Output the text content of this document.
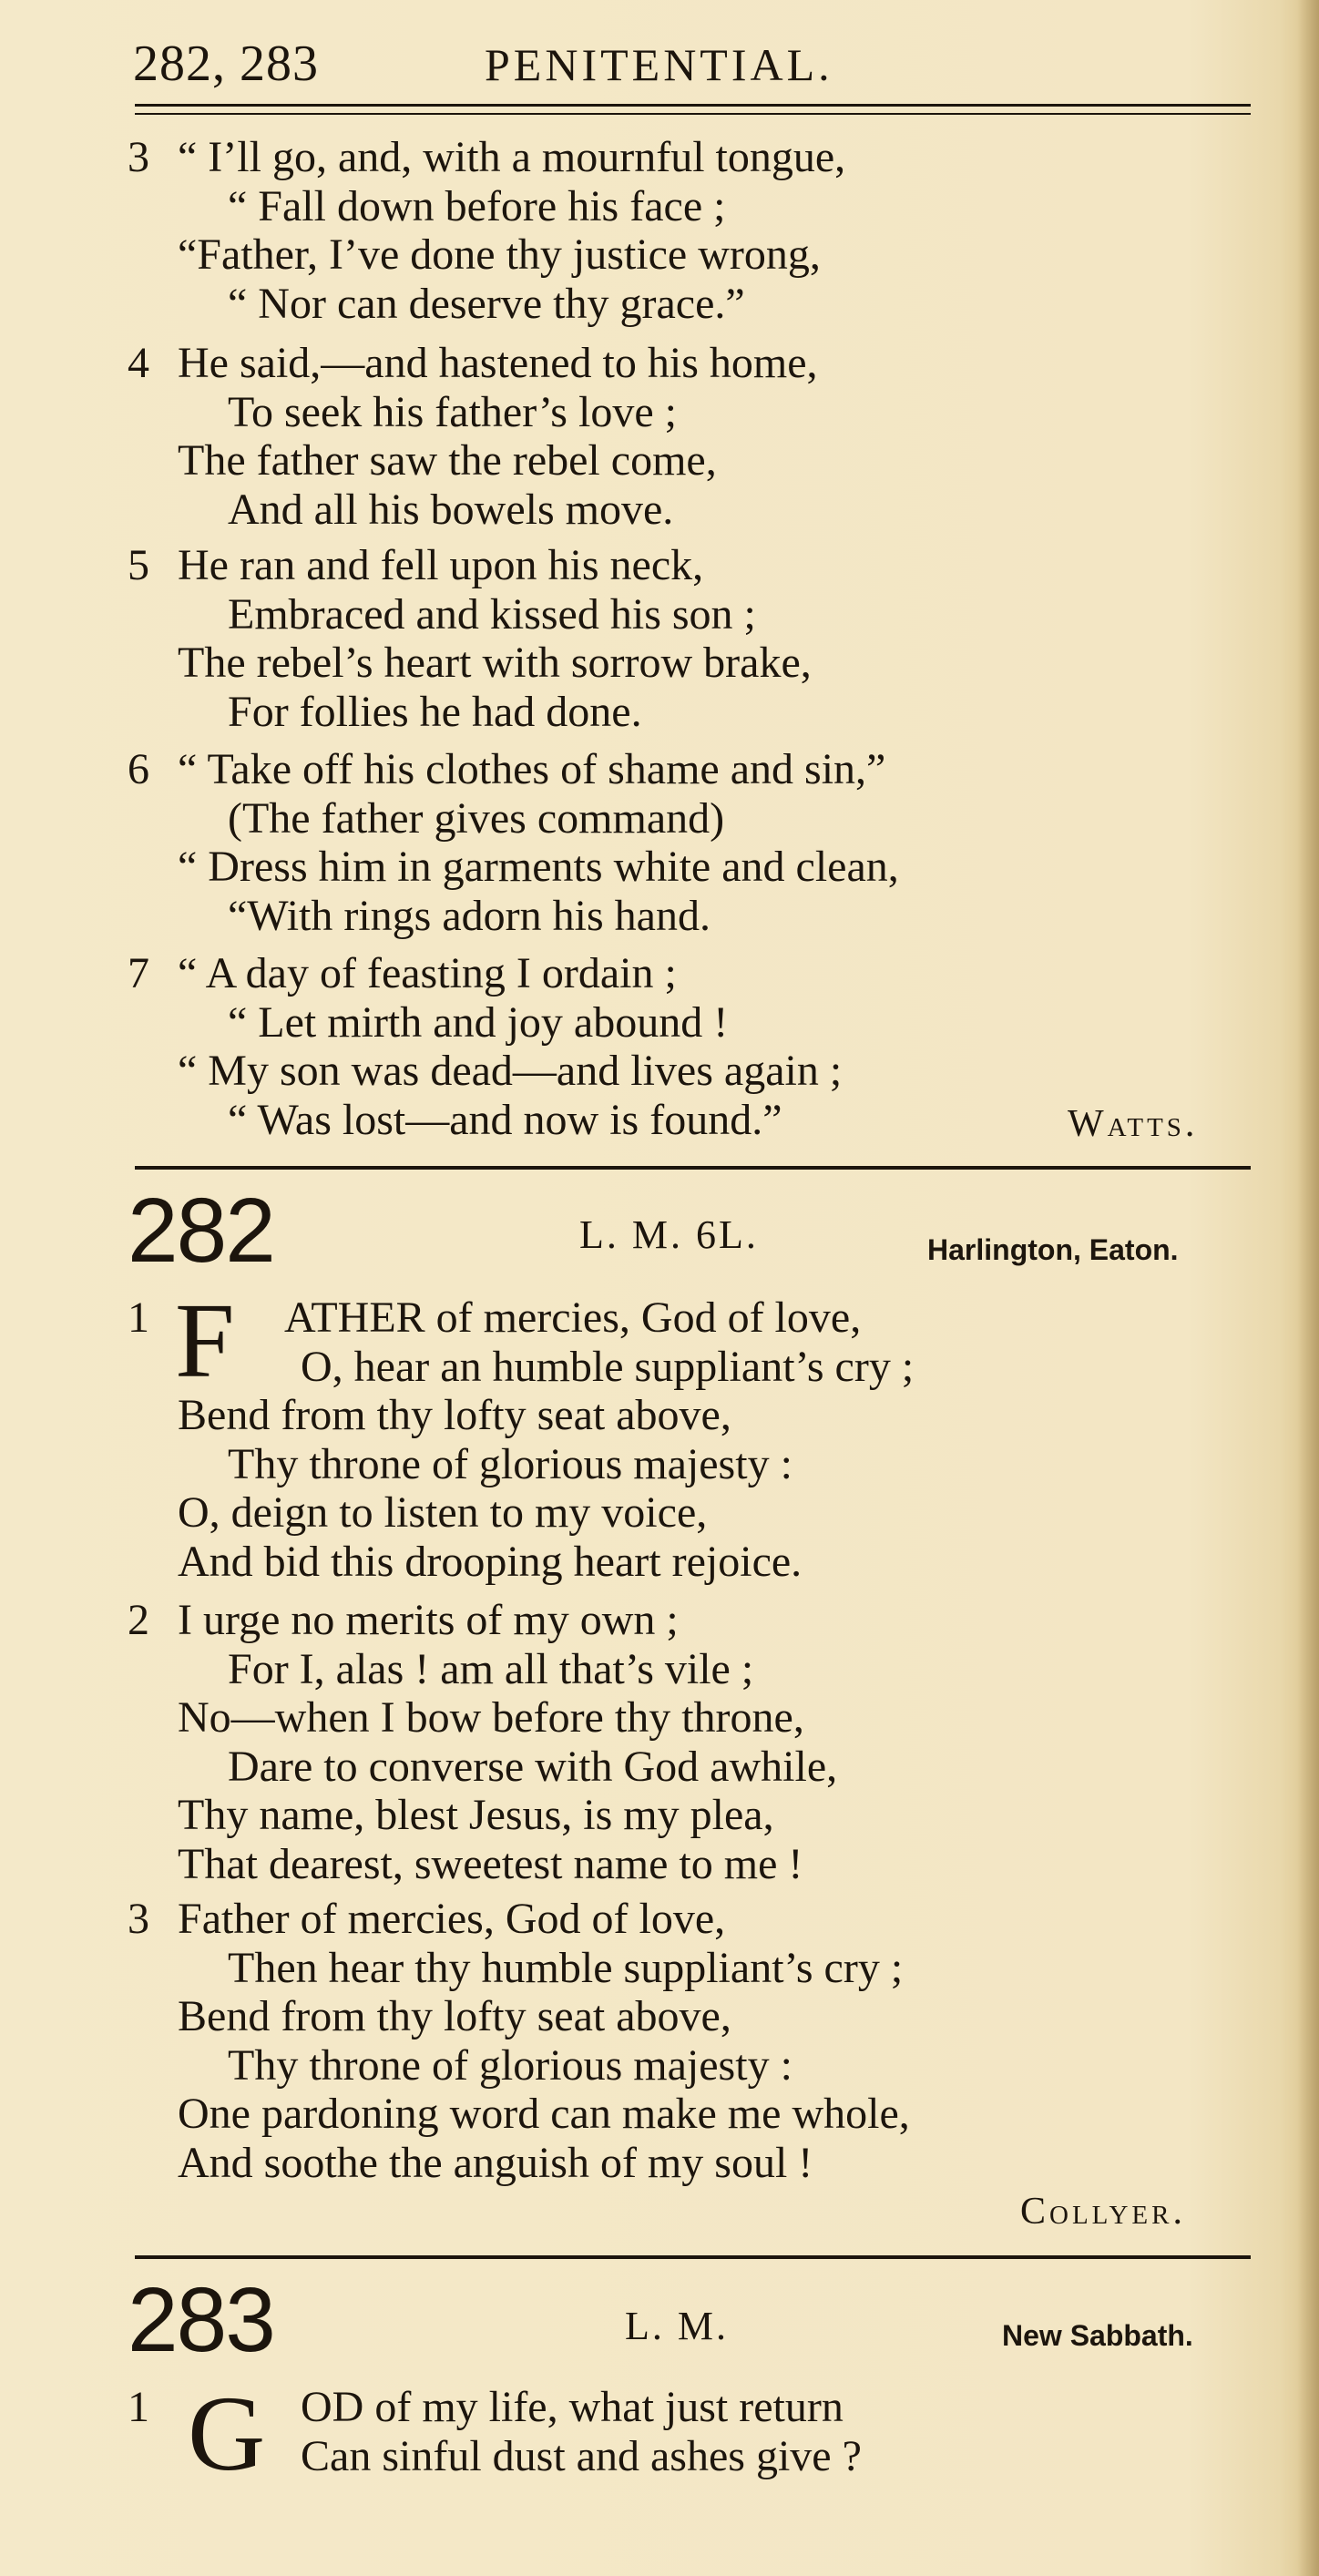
282, 283	PENITENTIAL.
3 “ I’ll go, and, with a mournful tongue,
“ Fall down before his face ;
“Father, I’ve done thy justice wrong,
“ Nor can deserve thy grace.”
4 He said,—and hastened to his home,
To seek his father’s love ;
The father saw the rebel come,
And all his bowels move.
5 He ran and fell upon his neck,
Embraced and kissed his son ;
The rebel’s heart with sorrow brake,
For follies he had done.
6 “ Take off his clothes of shame and sin,”
(The father gives command)
“ Dress him in garments white and clean,
“With rings adorn his hand.
7 “ A day of feasting I ordain ;
“ Let mirth and joy abound !
“ My son was dead—and lives again ;
“ Was lost—and now is found.”	Watts.
282	L. M. 6L.	Harlington, Eaton.
1 F	ATHER of mercies, God of love,
O, hear an humble suppliant’s cry ;
Bend from thy lofty seat above,
Thy throne of glorious majesty :
O, deign to listen to my voice,
And bid this drooping heart rejoice.
2 I urge no merits of my own ;
For I, alas ! am all that’s vile ;
No—when I bow before thy throne,
Dare to converse with God awhile,
Thy name, blest Jesus, is my plea,
That dearest, sweetest name to me !
3 Father of mercies, God of love,
Then hear thy humble suppliant’s cry ;
Bend from thy lofty seat above,
Thy throne of glorious majesty :
One pardoning word can make me whole,
And soothe the anguish of my soul !
Collyer.
283	L. M.	New Sabbath.
1 G OD of my life, what just return
Can sinful dust and ashes give ?
